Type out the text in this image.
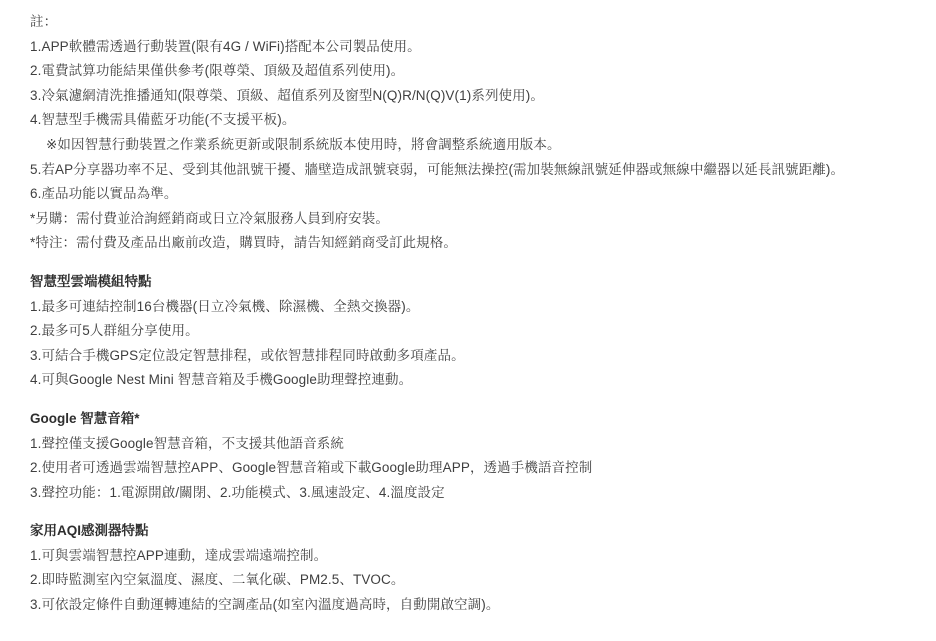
註：
1.APP軟體需透過行動裝置(限有4G / WiFi)搭配本公司製品使用。
2.電費試算功能結果僅供參考(限尊榮、頂級及超值系列使用)。
3.冷氣濾網清洗推播通知(限尊榮、頂級、超值系列及窗型N(Q)R/N(Q)V(1)系列使用)。
4.智慧型手機需具備藍牙功能(不支援平板)。
※如因智慧行動裝置之作業系統更新或限制系統版本使用時，將會調整系統適用版本。
5.若AP分享器功率不足、受到其他訊號干擾、牆壁造成訊號衰弱，可能無法操控(需加裝無線訊號延伸器或無線中繼器以延長訊號距離)。
6.產品功能以實品為準。
*另購：需付費並洽詢經銷商或日立冷氣服務人員到府安裝。
*特注：需付費及產品出廠前改造，購買時，請告知經銷商受訂此規格。
智慧型雲端模組特點
1.最多可連結控制16台機器(日立冷氣機、除濕機、全熱交換器)。
2.最多可5人群組分享使用。
3.可結合手機GPS定位設定智慧排程，或依智慧排程同時啟動多項產品。
4.可與Google Nest Mini 智慧音箱及手機Google助理聲控連動。
Google 智慧音箱*
1.聲控僅支援Google智慧音箱，不支援其他語音系統
2.使用者可透過雲端智慧控APP、Google智慧音箱或下載Google助理APP，透過手機語音控制
3.聲控功能：1.電源開啟/關閉、2.功能模式、3.風速設定、4.溫度設定
家用AQI感測器特點
1.可與雲端智慧控APP連動，達成雲端遠端控制。
2.即時監測室內空氣溫度、濕度、二氧化碳、PM2.5、TVOC。
3.可依設定條件自動運轉連結的空調產品(如室內溫度過高時，自動開啟空調)。
